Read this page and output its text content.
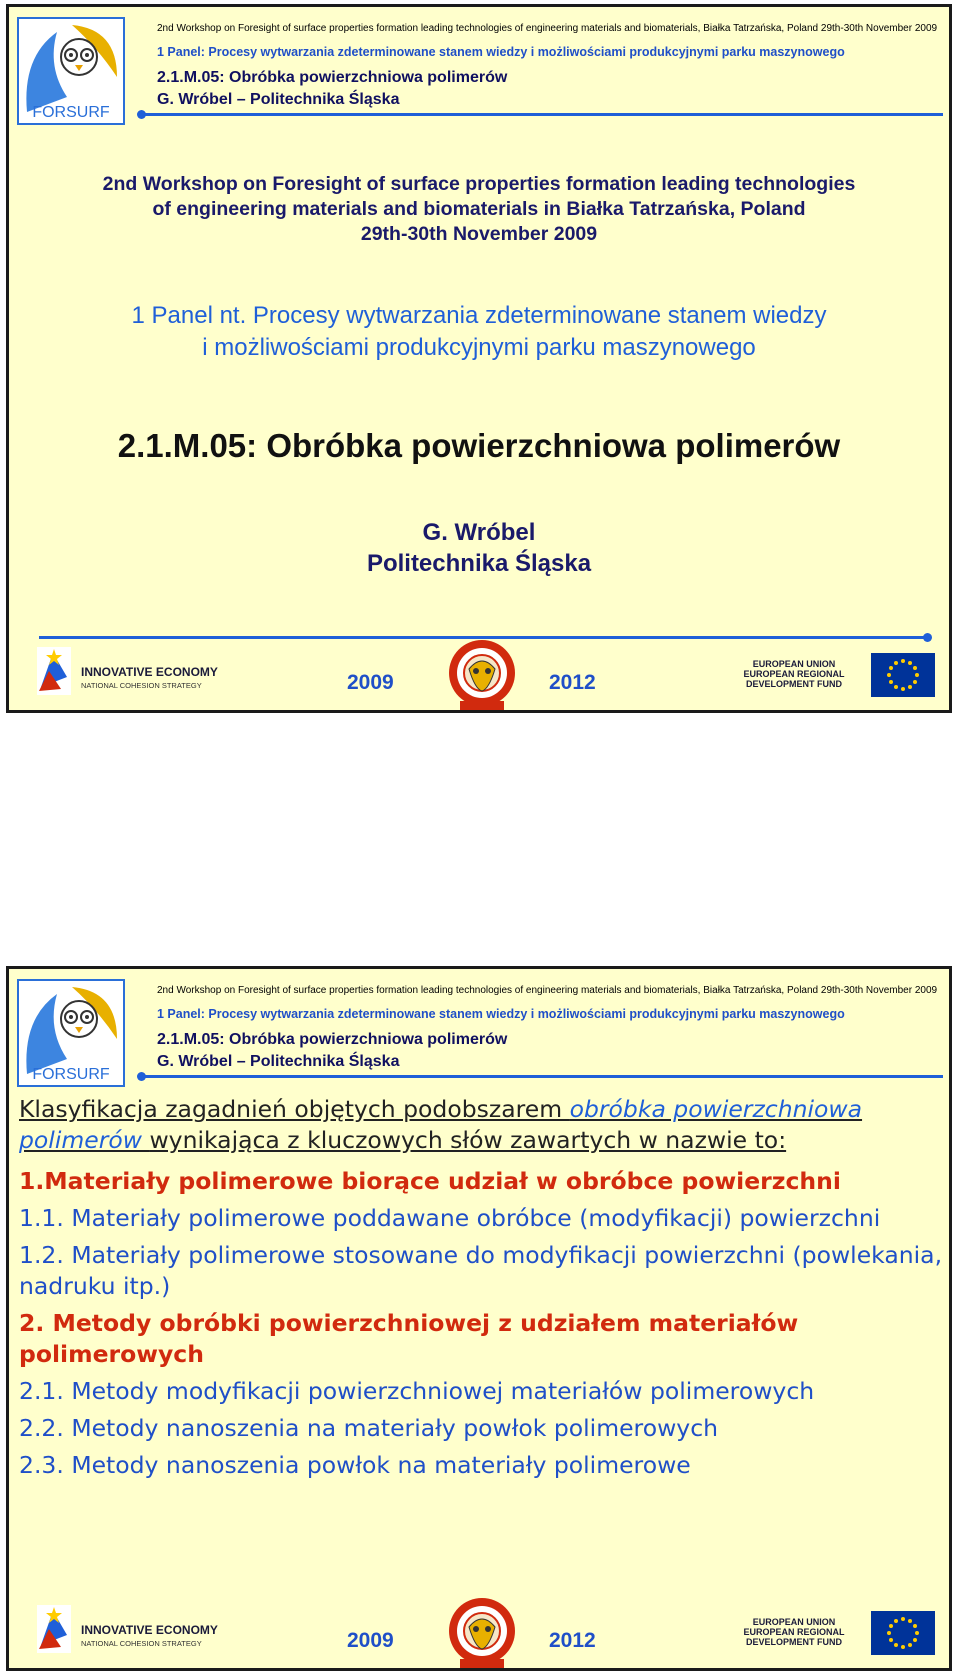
FORSURF
2nd Workshop on Foresight of surface properties formation leading technologies of engineering materials and biomaterials, Białka Tatrzańska, Poland 29th-30th November 2009
1 Panel: Procesy wytwarzania zdeterminowane stanem wiedzy i możliwościami produkcyjnymi parku maszynowego
2.1.M.05: Obróbka powierzchniowa polimerów
G. Wróbel – Politechnika Śląska
2nd Workshop on Foresight of surface properties formation leading technologies
of engineering materials and biomaterials in Białka Tatrzańska, Poland
29th-30th November 2009
1 Panel nt. Procesy wytwarzania zdeterminowane stanem wiedzy
i możliwościami produkcyjnymi parku maszynowego
2.1.M.05: Obróbka powierzchniowa polimerów
G. Wróbel
Politechnika Śląska
INNOVATIVE ECONOMY
NATIONAL COHESION STRATEGY	2009	2012
EUROPEAN UNION
EUROPEAN REGIONAL
DEVELOPMENT FUND
FORSURF
2nd Workshop on Foresight of surface properties formation leading technologies of engineering materials and biomaterials, Białka Tatrzańska, Poland 29th-30th November 2009
1 Panel: Procesy wytwarzania zdeterminowane stanem wiedzy i możliwościami produkcyjnymi parku maszynowego
2.1.M.05: Obróbka powierzchniowa polimerów
G. Wróbel – Politechnika Śląska

Klasyfikacja zagadnień objętych podobszarem obróbka powierzchniowa polimerów wynikająca z kluczowych słów zawartych w nazwie to:

1.Materiały polimerowe biorące udział w obróbce powierzchni

1.1. Materiały polimerowe poddawane obróbce (modyfikacji) powierzchni

1.2. Materiały polimerowe stosowane do modyfikacji powierzchni (powlekania, nadruku itp.)

2. Metody obróbki powierzchniowej z udziałem materiałów polimerowych

2.1. Metody modyfikacji powierzchniowej materiałów polimerowych

2.2. Metody nanoszenia na materiały powłok polimerowych

2.3. Metody nanoszenia powłok na materiały polimerowe

INNOVATIVE ECONOMY
NATIONAL COHESION STRATEGY	2009	2012
EUROPEAN UNION
EUROPEAN REGIONAL
DEVELOPMENT FUND
